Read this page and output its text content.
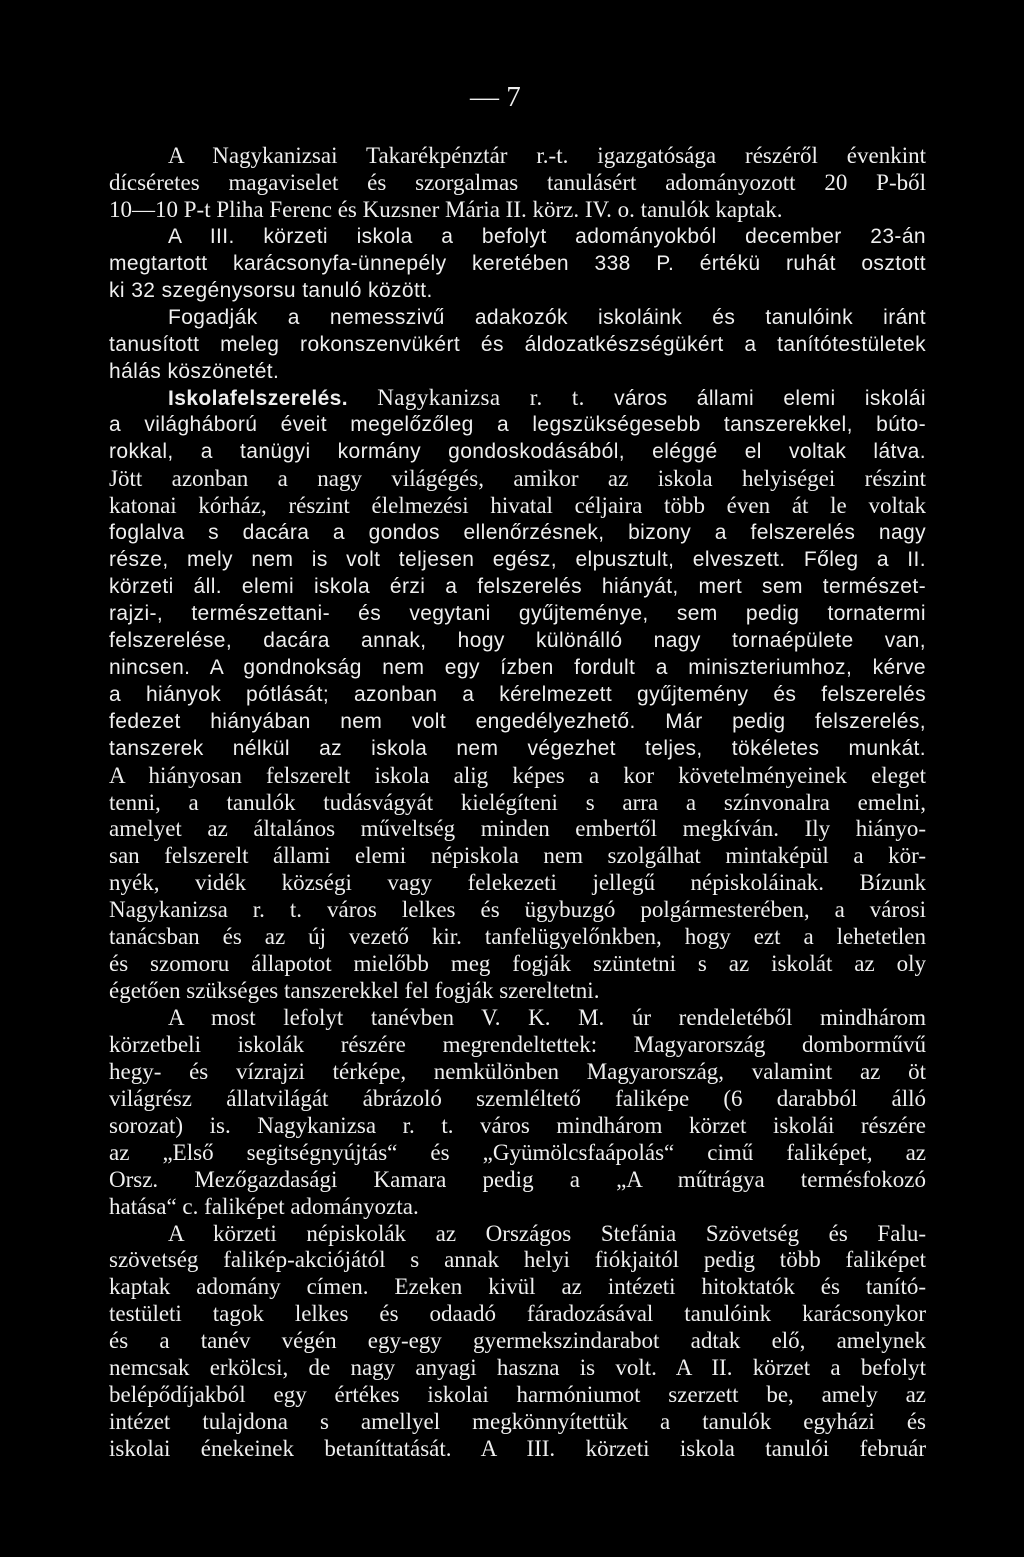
— 7
A Nagykanizsai Takarékpénztár r.-t. igazgatósága részéről évenkint
dícséretes magaviselet és szorgalmas tanulásért adományozott 20 P-ből
10—10 P-t Pliha Ferenc és Kuzsner Mária II. körz. IV. o. tanulók kaptak.
A III. körzeti iskola a befolyt adományokból december 23-án
megtartott karácsonyfa-ünnepély keretében 338 P. értékü ruhát osztott
ki 32 szegénysorsu tanuló között.
Fogadják a nemesszivű adakozók iskoláink és tanulóink iránt
tanusított meleg rokonszenvükért és áldozatkészségükért a tanítótestületek
hálás köszönetét.
Iskolafelszerelés. Nagykanizsa r. t. város állami elemi iskolái
a világháború éveit megelőzőleg a legszükségesebb tanszerekkel, búto-
rokkal, a tanügyi kormány gondoskodásából, eléggé el voltak látva.
Jött azonban a nagy világégés, amikor az iskola helyiségei részint
katonai kórház, részint élelmezési hivatal céljaira több éven át le voltak
foglalva s dacára a gondos ellenőrzésnek, bizony a felszerelés nagy
része, mely nem is volt teljesen egész, elpusztult, elveszett. Főleg a II.
körzeti áll. elemi iskola érzi a felszerelés hiányát, mert sem természet-
rajzi-, természettani- és vegytani gyűjteménye, sem pedig tornatermi
felszerelése, dacára annak, hogy különálló nagy tornaépülete van,
nincsen. A gondnokság nem egy ízben fordult a miniszteriumhoz, kérve
a hiányok pótlását; azonban a kérelmezett gyűjtemény és felszerelés
fedezet hiányában nem volt engedélyezhető. Már pedig felszerelés,
tanszerek nélkül az iskola nem végezhet teljes, tökéletes munkát.
A hiányosan felszerelt iskola alig képes a kor követelményeinek eleget
tenni, a tanulók tudásvágyát kielégíteni s arra a színvonalra emelni,
amelyet az általános műveltség minden embertől megkíván. Ily hiányo-
san felszerelt állami elemi népiskola nem szolgálhat mintaképül a kör-
nyék, vidék községi vagy felekezeti jellegű népiskoláinak. Bízunk
Nagykanizsa r. t. város lelkes és ügybuzgó polgármesterében, a városi
tanácsban és az új vezető kir. tanfelügyelőnkben, hogy ezt a lehetetlen
és szomoru állapotot mielőbb meg fogják szüntetni s az iskolát az oly
égetően szükséges tanszerekkel fel fogják szereltetni.
A most lefolyt tanévben V. K. M. úr rendeletéből mindhárom
körzetbeli iskolák részére megrendeltettek: Magyarország domborművű
hegy- és vízrajzi térképe, nemkülönben Magyarország, valamint az öt
világrész állatvilágát ábrázoló szemléltető faliképe (6 darabból álló
sorozat) is. Nagykanizsa r. t. város mindhárom körzet iskolái részére
az „Első segitségnyújtás“ és „Gyümölcsfaápolás“ cimű faliképet, az
Orsz. Mezőgazdasági Kamara pedig a „A műtrágya termésfokozó
hatása“ c. faliképet adományozta.
A körzeti népiskolák az Országos Stefánia Szövetség és Falu-
szövetség falikép-akciójától s annak helyi fiókjaitól pedig több faliképet
kaptak adomány címen. Ezeken kivül az intézeti hitoktatók és tanító-
testületi tagok lelkes és odaadó fáradozásával tanulóink karácsonykor
és a tanév végén egy-egy gyermekszindarabot adtak elő, amelynek
nemcsak erkölcsi, de nagy anyagi haszna is volt. A II. körzet a befolyt
belépődíjakból egy értékes iskolai harmóniumot szerzett be, amely az
intézet tulajdona s amellyel megkönnyítettük a tanulók egyházi és
iskolai énekeinek betaníttatását. A III. körzeti iskola tanulói február
